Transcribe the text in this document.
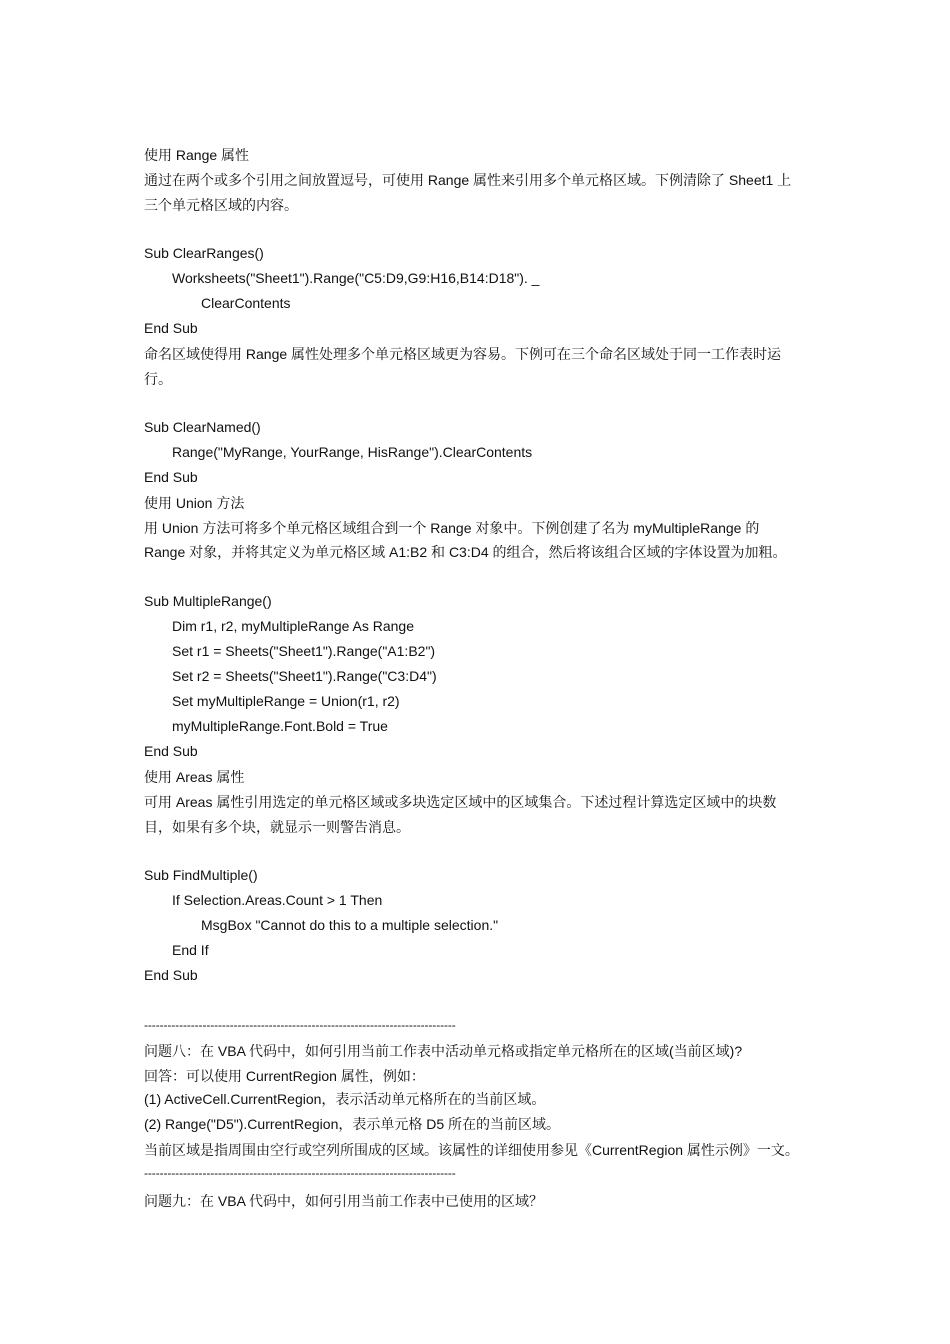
使用 Range 属性
通过在两个或多个引用之间放置逗号，可使用 Range 属性来引用多个单元格区域。下例清除了 Sheet1 上
三个单元格区域的内容。
Sub ClearRanges()
Worksheets("Sheet1").Range("C5:D9,G9:H16,B14:D18"). _
ClearContents
End Sub
命名区域使得用 Range 属性处理多个单元格区域更为容易。下例可在三个命名区域处于同一工作表时运
行。
Sub ClearNamed()
Range("MyRange, YourRange, HisRange").ClearContents
End Sub
使用 Union 方法
用 Union 方法可将多个单元格区域组合到一个 Range 对象中。下例创建了名为 myMultipleRange 的
Range 对象，并将其定义为单元格区域 A1:B2 和 C3:D4 的组合，然后将该组合区域的字体设置为加粗。
Sub MultipleRange()
Dim r1, r2, myMultipleRange As Range
Set r1 = Sheets("Sheet1").Range("A1:B2")
Set r2 = Sheets("Sheet1").Range("C3:D4")
Set myMultipleRange = Union(r1, r2)
myMultipleRange.Font.Bold = True
End Sub
使用 Areas 属性
可用 Areas 属性引用选定的单元格区域或多块选定区域中的区域集合。下述过程计算选定区域中的块数
目，如果有多个块，就显示一则警告消息。
Sub FindMultiple()
If Selection.Areas.Count > 1 Then
MsgBox "Cannot do this to a multiple selection."
End If
End Sub
--------------------------------------------------------------------------------
问题八：在 VBA 代码中，如何引用当前工作表中活动单元格或指定单元格所在的区域(当前区域)?
回答：可以使用 CurrentRegion 属性，例如：
(1) ActiveCell.CurrentRegion，表示活动单元格所在的当前区域。
(2) Range("D5").CurrentRegion，表示单元格 D5 所在的当前区域。
当前区域是指周围由空行或空列所围成的区域。该属性的详细使用参见《CurrentRegion 属性示例》一文。
--------------------------------------------------------------------------------
问题九：在 VBA 代码中，如何引用当前工作表中已使用的区域？
